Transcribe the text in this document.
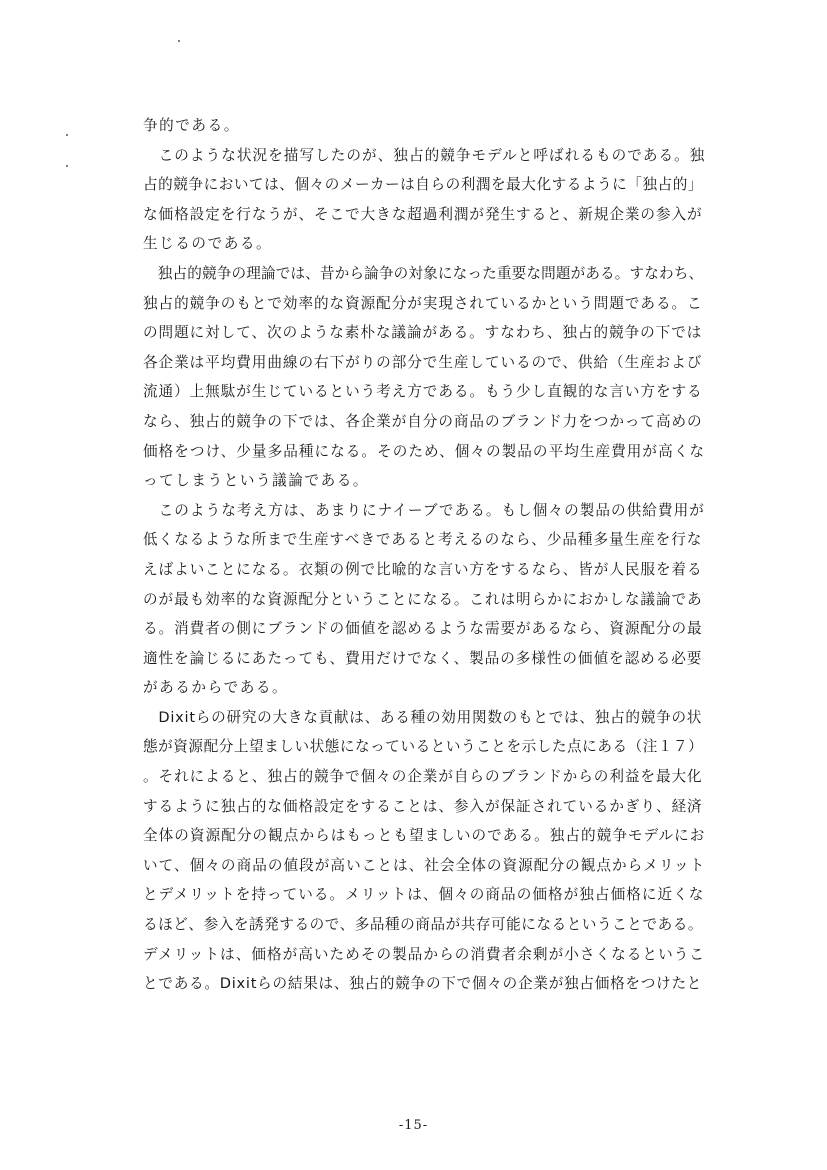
争的である。
　このような状況を描写したのが、独占的競争モデルと呼ばれるものである。独
占的競争においては、個々のメーカーは自らの利潤を最大化するように「独占的」
な価格設定を行なうが、そこで大きな超過利潤が発生すると、新規企業の参入が
生じるのである。
　独占的競争の理論では、昔から論争の対象になった重要な問題がある。すなわち、
独占的競争のもとで効率的な資源配分が実現されているかという問題である。こ
の問題に対して、次のような素朴な議論がある。すなわち、独占的競争の下では
各企業は平均費用曲線の右下がりの部分で生産しているので、供給（生産および
流通）上無駄が生じているという考え方である。もう少し直観的な言い方をする
なら、独占的競争の下では、各企業が自分の商品のブランド力をつかって高めの
価格をつけ、少量多品種になる。そのため、個々の製品の平均生産費用が高くな
ってしまうという議論である。
　このような考え方は、あまりにナイーブである。もし個々の製品の供給費用が
低くなるような所まで生産すべきであると考えるのなら、少品種多量生産を行な
えばよいことになる。衣類の例で比喩的な言い方をするなら、皆が人民服を着る
のが最も効率的な資源配分ということになる。これは明らかにおかしな議論であ
る。消費者の側にブランドの価値を認めるような需要があるなら、資源配分の最
適性を論じるにあたっても、費用だけでなく、製品の多様性の価値を認める必要
があるからである。
　Dixitらの研究の大きな貢献は、ある種の効用関数のもとでは、独占的競争の状
態が資源配分上望ましい状態になっているということを示した点にある（注１７）
。それによると、独占的競争で個々の企業が自らのブランドからの利益を最大化
するように独占的な価格設定をすることは、参入が保証されているかぎり、経済
全体の資源配分の観点からはもっとも望ましいのである。独占的競争モデルにお
いて、個々の商品の値段が高いことは、社会全体の資源配分の観点からメリット
とデメリットを持っている。メリットは、個々の商品の価格が独占価格に近くな
るほど、参入を誘発するので、多品種の商品が共存可能になるということである。
デメリットは、価格が高いためその製品からの消費者余剰が小さくなるというこ
とである。Dixitらの結果は、独占的競争の下で個々の企業が独占価格をつけたと
-15-
